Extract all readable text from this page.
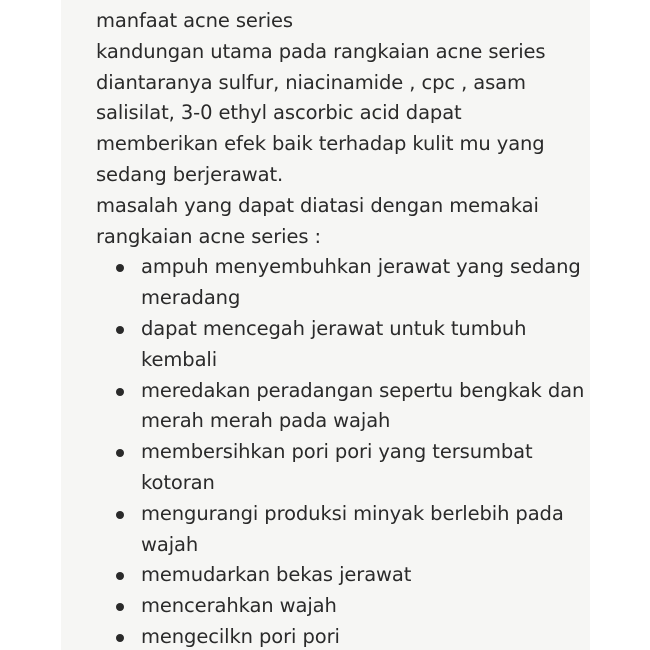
manfaat acne series

kandungan utama pada rangkaian acne series diantaranya sulfur, niacinamide , cpc , asam salisilat, 3-0 ethyl ascorbic acid dapat memberikan efek baik terhadap kulit mu yang sedang berjerawat.

masalah yang dapat diatasi dengan memakai rangkaian acne series :

ampuh menyembuhkan jerawat yang sedang meradang
dapat mencegah jerawat untuk tumbuh kembali
meredakan peradangan sepertu bengkak dan merah merah pada wajah
membersihkan pori pori yang tersumbat kotoran
mengurangi produksi minyak berlebih pada wajah
memudarkan bekas jerawat
mencerahkan wajah
mengecilkn pori pori
